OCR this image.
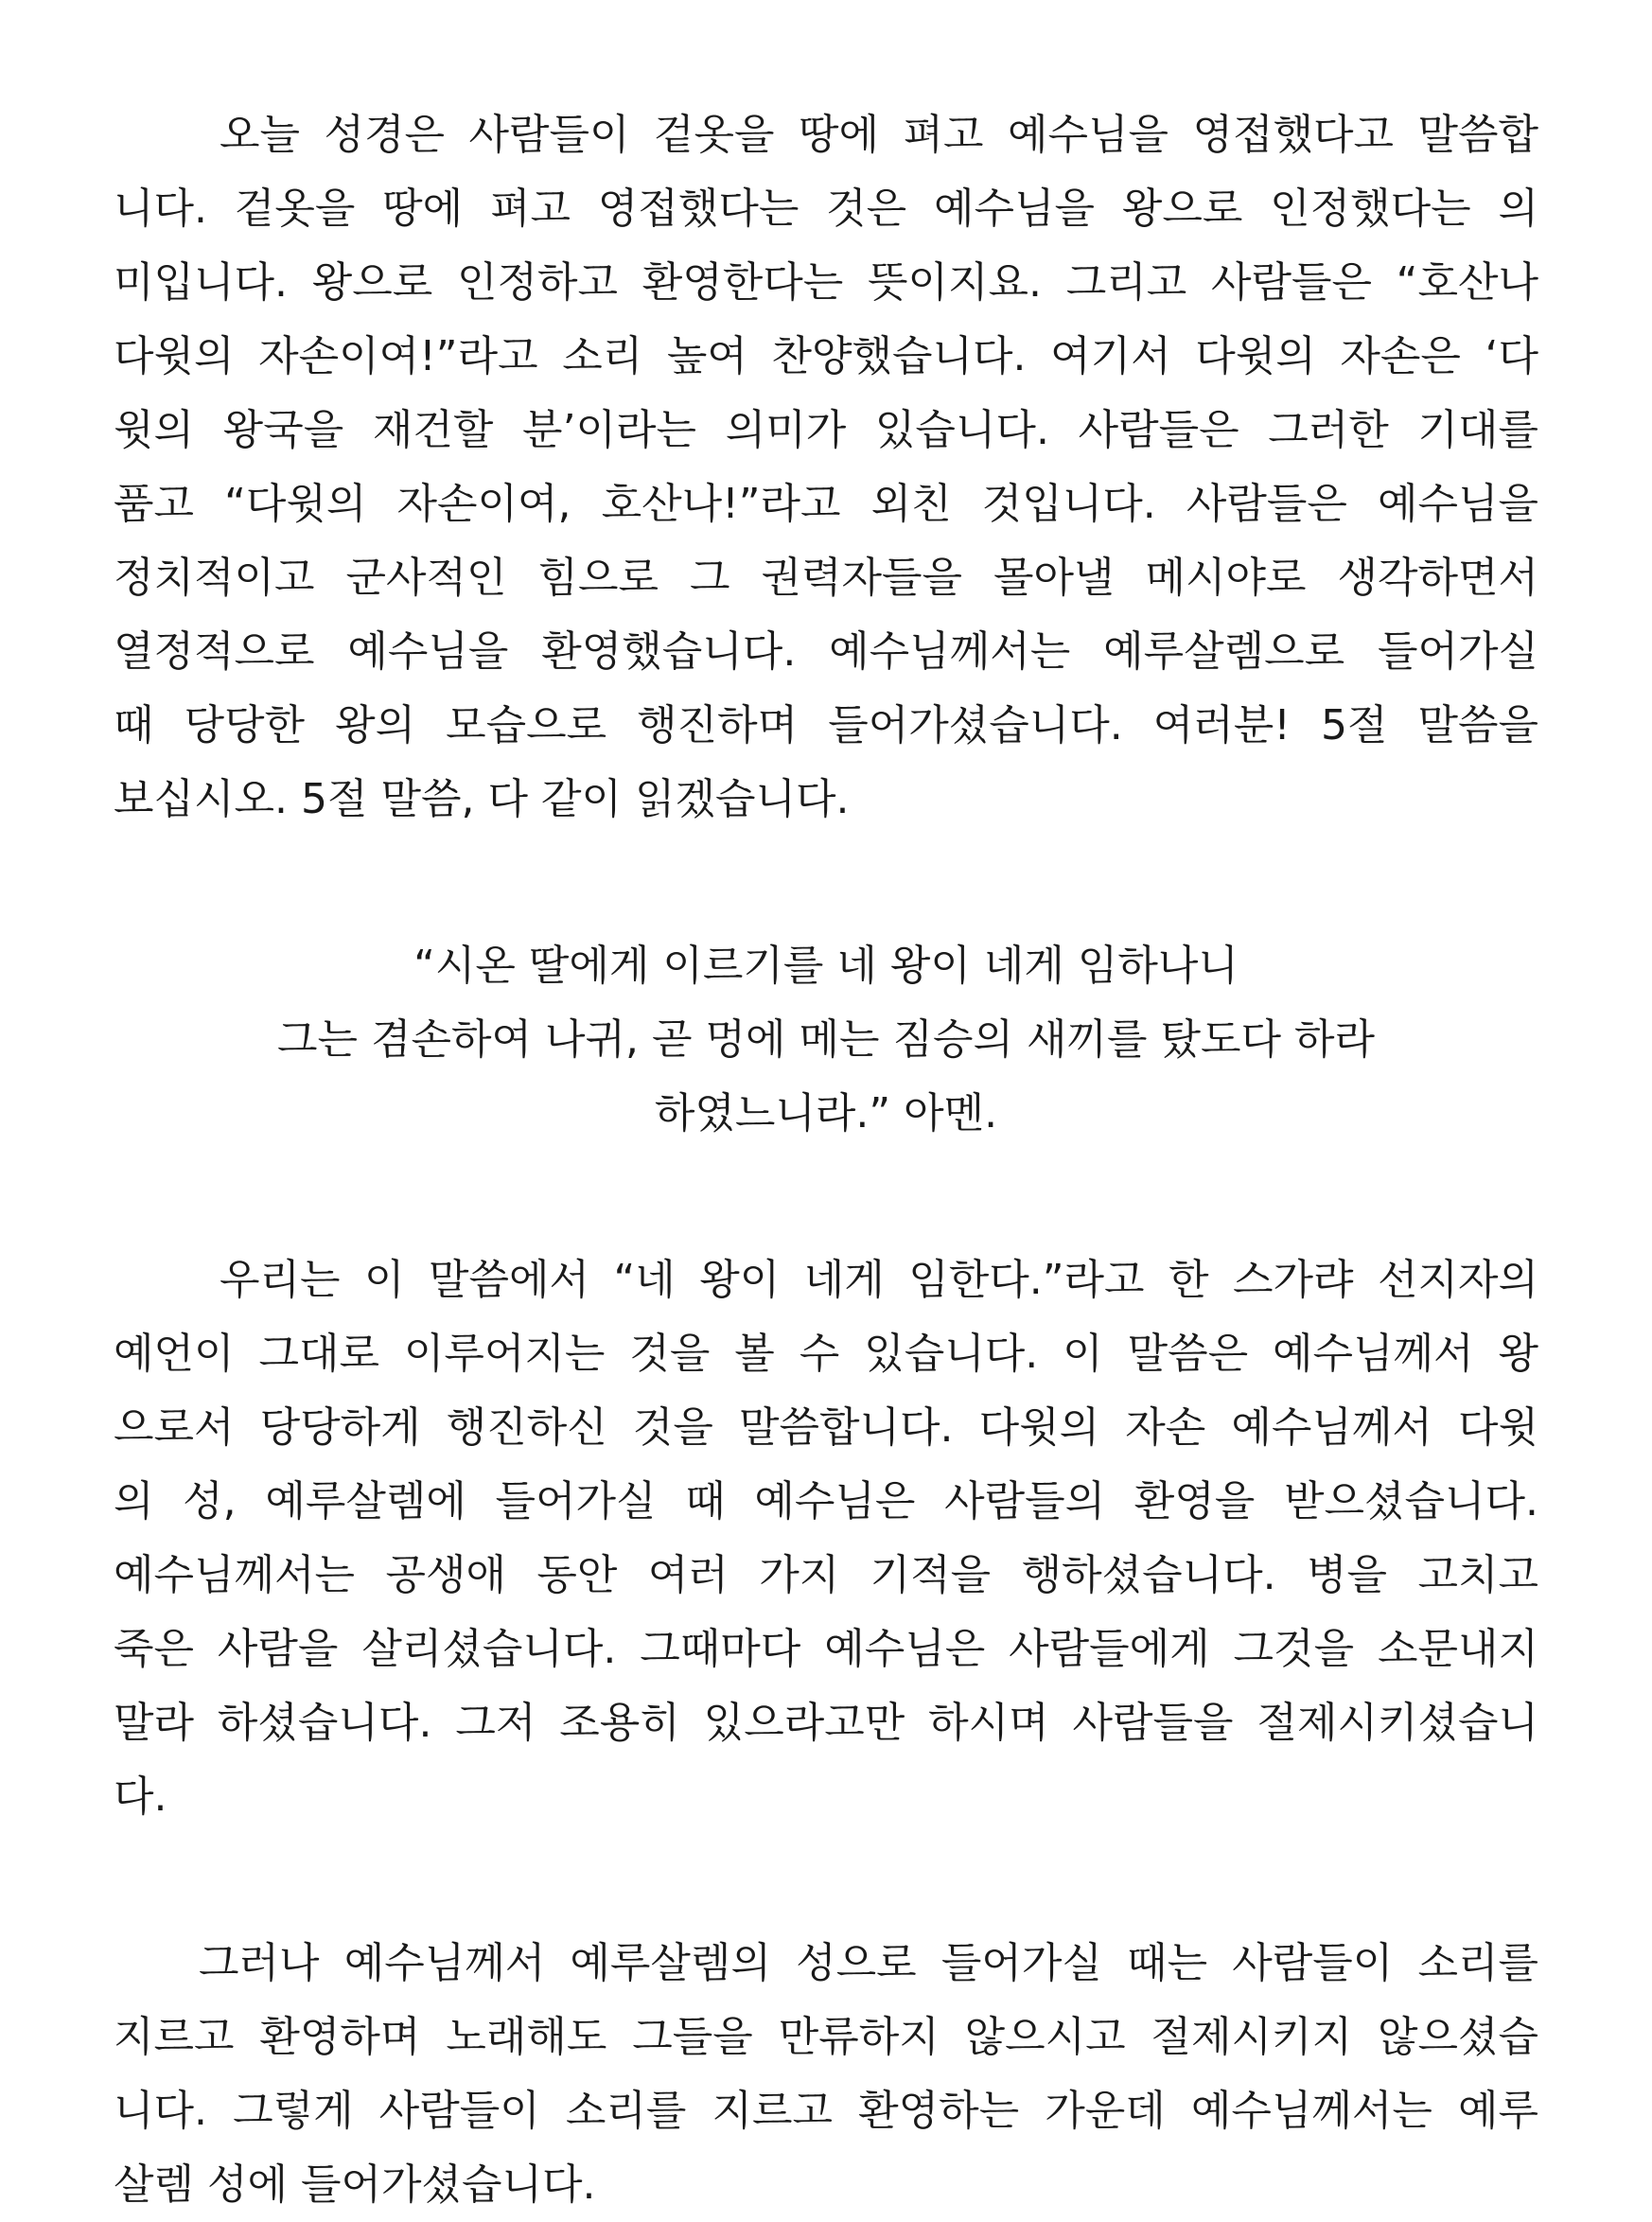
오늘 성경은 사람들이 겉옷을 땅에 펴고 예수님을 영접했다고 말씀합
니다. 겉옷을 땅에 펴고 영접했다는 것은 예수님을 왕으로 인정했다는 의
미입니다. 왕으로 인정하고 환영한다는 뜻이지요. 그리고 사람들은 “호산나
다윗의 자손이여!”라고 소리 높여 찬양했습니다. 여기서 다윗의 자손은 ‘다
윗의 왕국을 재건할 분’이라는 의미가 있습니다. 사람들은 그러한 기대를
품고 “다윗의 자손이여, 호산나!”라고 외친 것입니다. 사람들은 예수님을
정치적이고 군사적인 힘으로 그 권력자들을 몰아낼 메시야로 생각하면서
열정적으로 예수님을 환영했습니다. 예수님께서는 예루살렘으로 들어가실
때 당당한 왕의 모습으로 행진하며 들어가셨습니다. 여러분! 5절 말씀을
보십시오. 5절 말씀, 다 같이 읽겠습니다.
“시온 딸에게 이르기를 네 왕이 네게 임하나니
그는 겸손하여 나귀, 곧 멍에 메는 짐승의 새끼를 탔도다 하라
하였느니라.” 아멘.
우리는 이 말씀에서 “네 왕이 네게 임한다.”라고 한 스가랴 선지자의
예언이 그대로 이루어지는 것을 볼 수 있습니다. 이 말씀은 예수님께서 왕
으로서 당당하게 행진하신 것을 말씀합니다. 다윗의 자손 예수님께서 다윗
의 성, 예루살렘에 들어가실 때 예수님은 사람들의 환영을 받으셨습니다.
예수님께서는 공생애 동안 여러 가지 기적을 행하셨습니다. 병을 고치고
죽은 사람을 살리셨습니다. 그때마다 예수님은 사람들에게 그것을 소문내지
말라 하셨습니다. 그저 조용히 있으라고만 하시며 사람들을 절제시키셨습니
다.
그러나 예수님께서 예루살렘의 성으로 들어가실 때는 사람들이 소리를
지르고 환영하며 노래해도 그들을 만류하지 않으시고 절제시키지 않으셨습
니다. 그렇게 사람들이 소리를 지르고 환영하는 가운데 예수님께서는 예루
살렘 성에 들어가셨습니다.
